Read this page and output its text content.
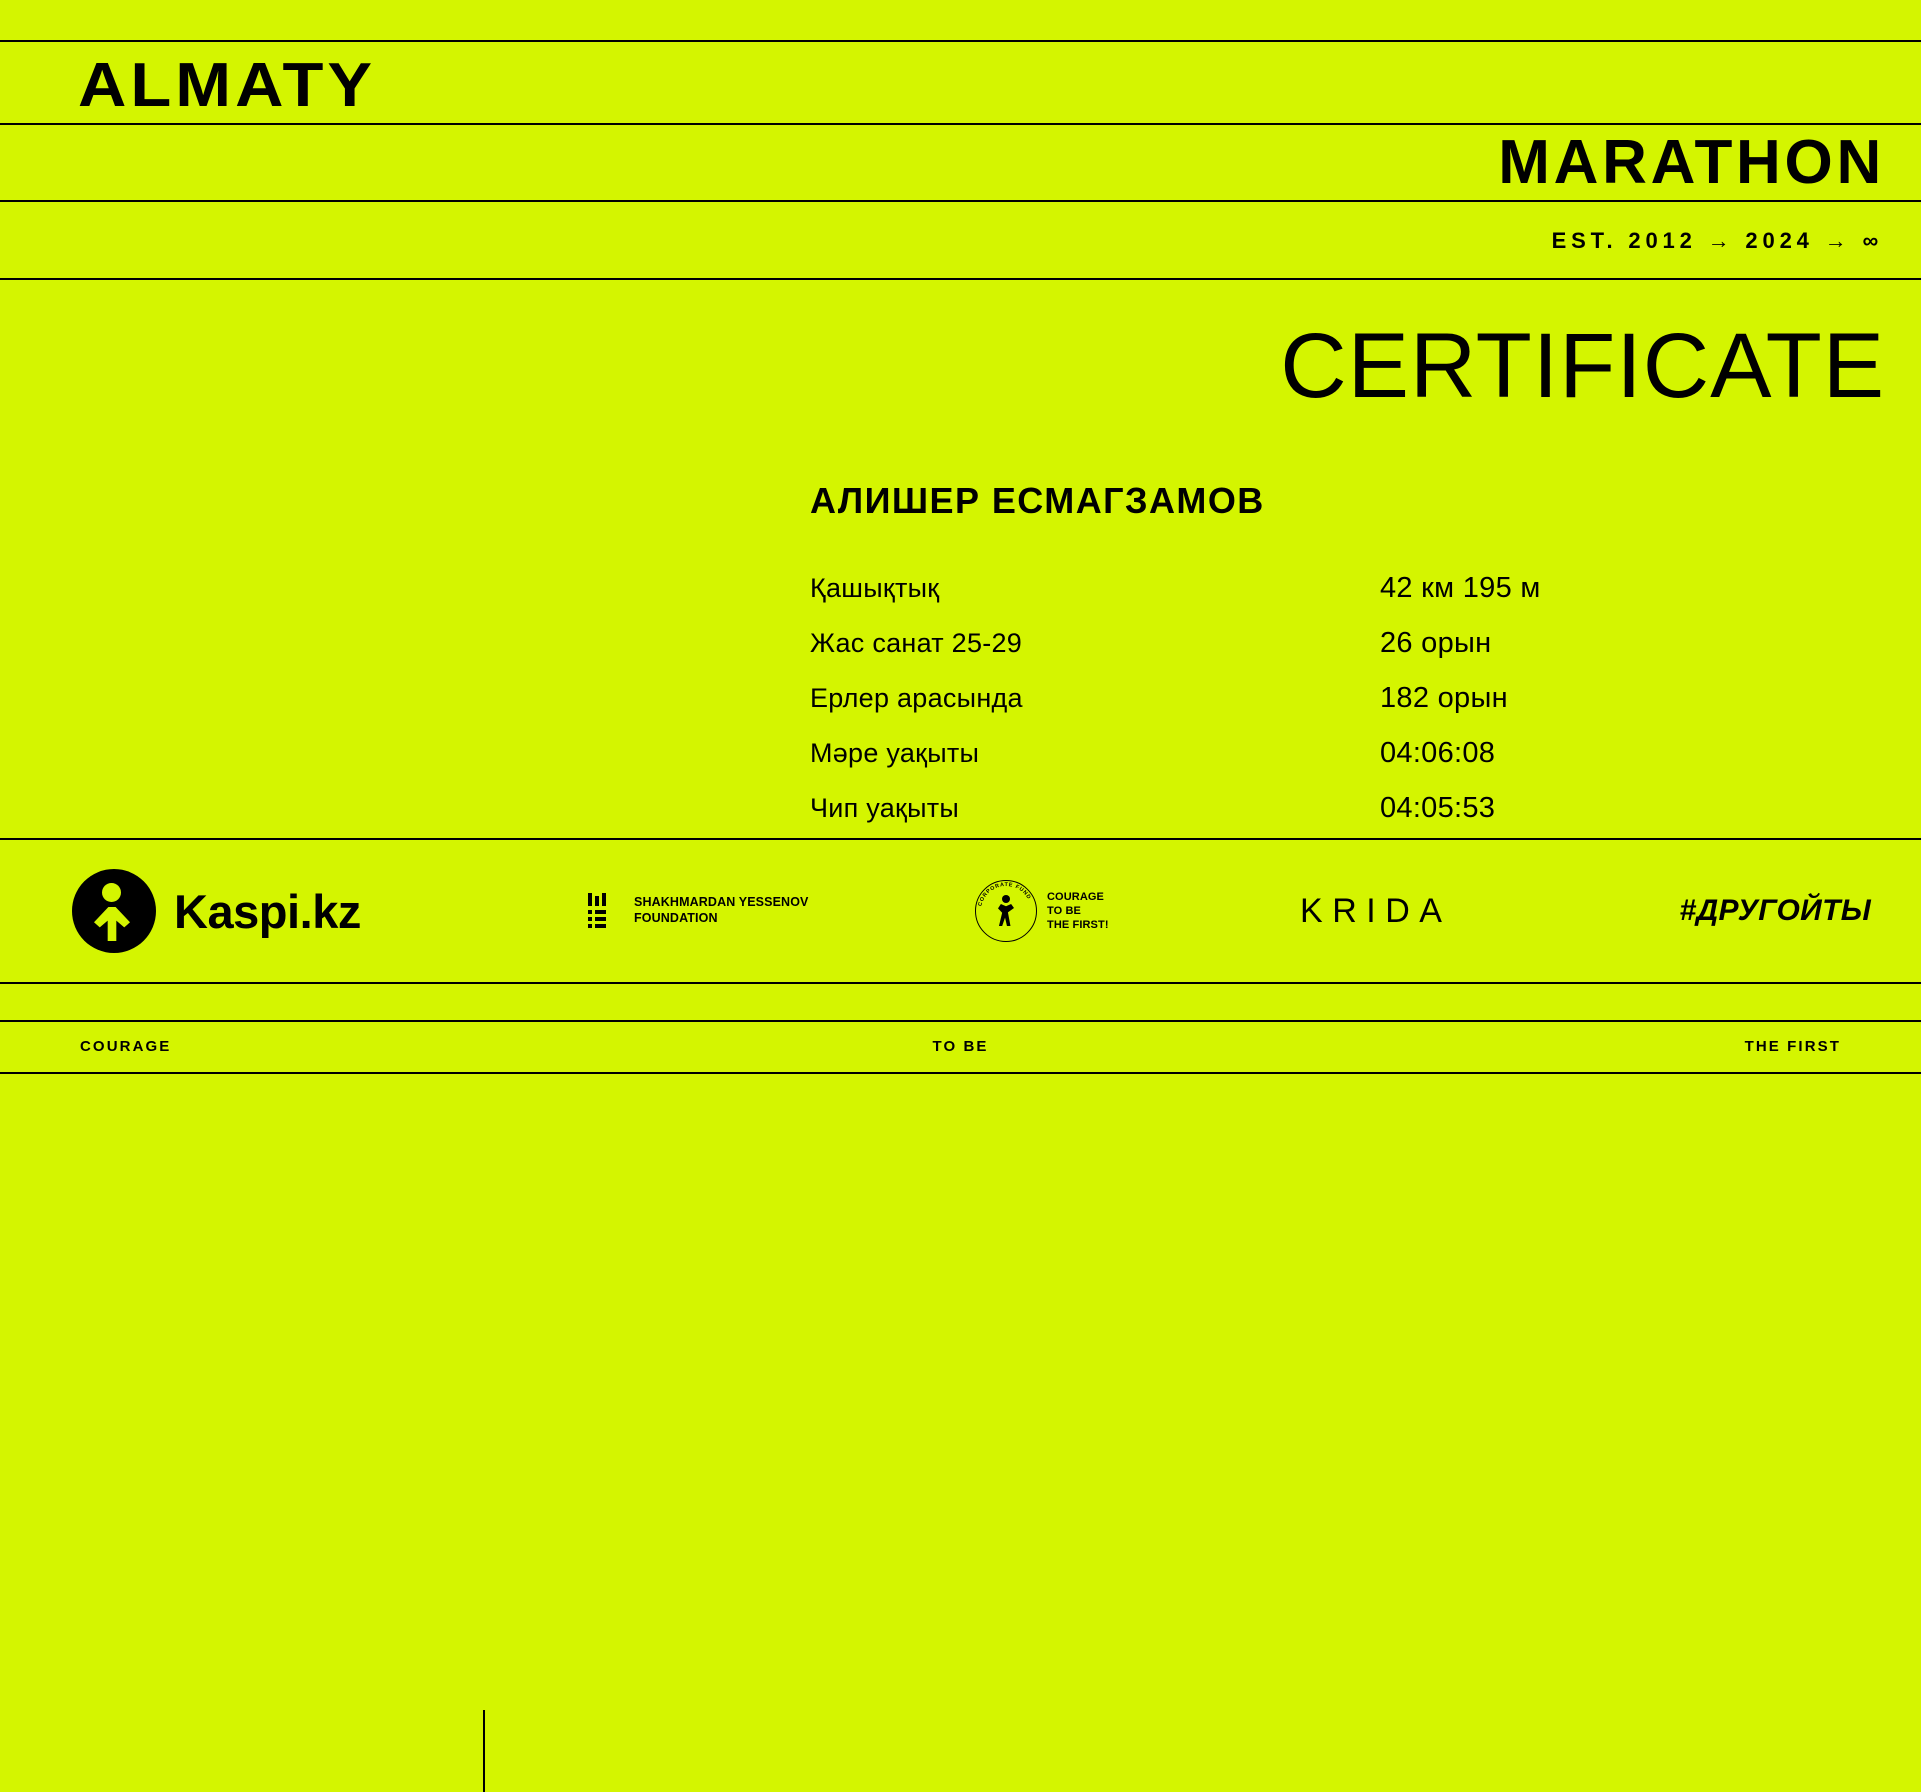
ALMATY
MARATHON
EST. 2012 → 2024 → ∞
CERTIFICATE
АЛИШЕР ЕСМАГЗАМОВ
Қашықтық	42 км 195 м
Жас санат 25-29	26 орын
Ерлер арасында	182 орын
Мәре уақыты	04:06:08
Чип уақыты	04:05:53
Kaspi.kz	SHAKHMARDAN YESSENOV
FOUNDATION
CORPORATE FUND COURAGE
TO BE
THE FIRST!	KRIDA	#ДРУГОЙТЫ
COURAGE	TO BE	THE FIRST
